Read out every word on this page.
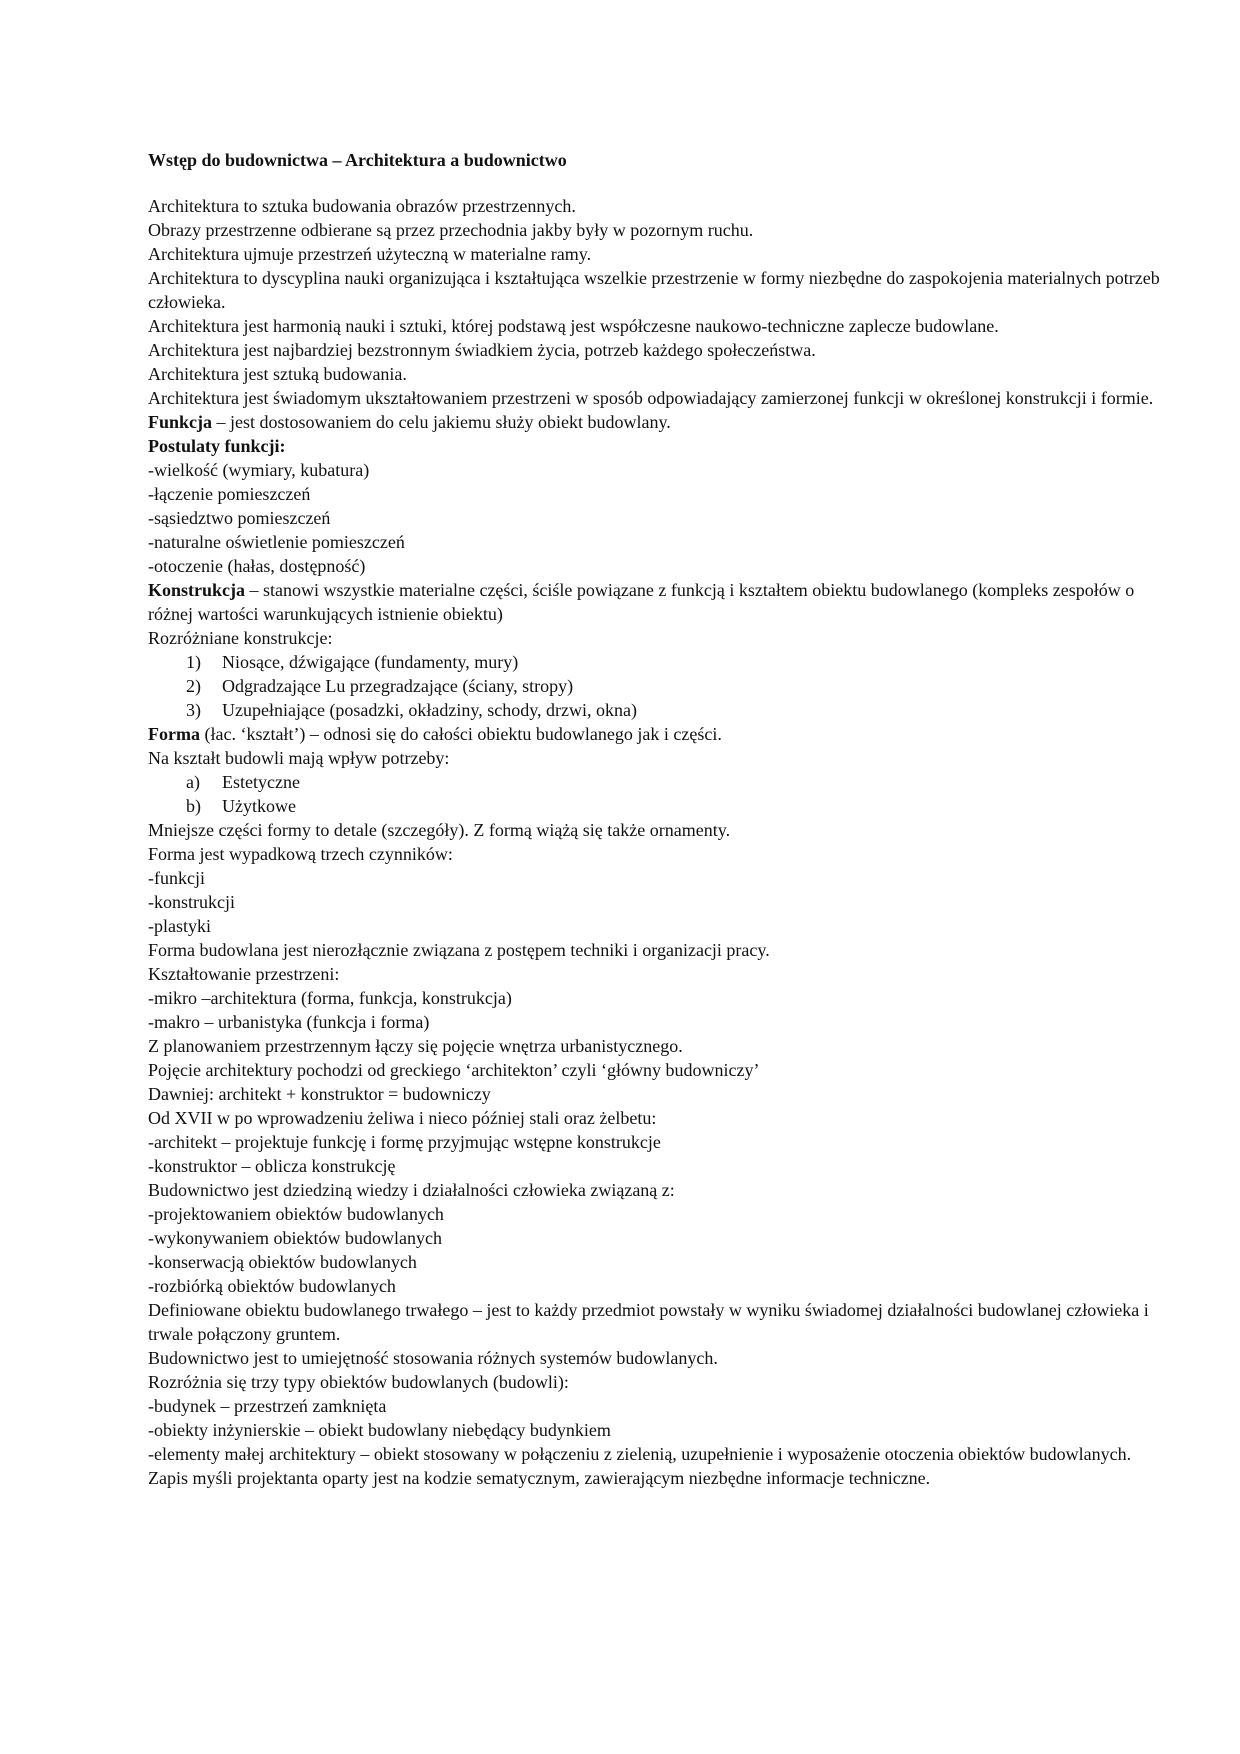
Wstęp do budownictwa – Architektura a budownictwo
Architektura to sztuka budowania obrazów przestrzennych.
Obrazy przestrzenne odbierane są przez przechodnia jakby były w pozornym ruchu.
Architektura ujmuje przestrzeń użyteczną w materialne ramy.
Architektura to dyscyplina nauki organizująca i kształtująca wszelkie przestrzenie w formy niezbędne do zaspokojenia materialnych potrzeb człowieka.
Architektura jest harmonią nauki i sztuki, której podstawą jest współczesne naukowo-techniczne zaplecze budowlane.
Architektura jest najbardziej bezstronnym świadkiem życia, potrzeb każdego społeczeństwa.
Architektura jest sztuką budowania.
Architektura jest świadomym ukształtowaniem przestrzeni w sposób odpowiadający zamierzonej funkcji w określonej konstrukcji i formie.
Funkcja – jest dostosowaniem do celu jakiemu służy obiekt budowlany.
Postulaty funkcji:
-wielkość (wymiary, kubatura)
-łączenie pomieszczeń
-sąsiedztwo pomieszczeń
-naturalne oświetlenie pomieszczeń
-otoczenie (hałas, dostępność)
Konstrukcja – stanowi wszystkie materialne części, ściśle powiązane z funkcją i kształtem obiektu budowlanego (kompleks zespołów o różnej wartości warunkujących istnienie obiektu)
Rozróżniane konstrukcje:
1)	Niosące, dźwigające (fundamenty, mury)
2)	Odgradzające Lu przegradzające (ściany, stropy)
3)	Uzupełniające (posadzki, okładziny, schody, drzwi, okna)
Forma (łac. ‘kształt’) – odnosi się do całości obiektu budowlanego jak i części.
Na kształt budowli mają wpływ potrzeby:
a)	Estetyczne
b)	Użytkowe
Mniejsze części formy to detale (szczegóły). Z formą wiążą się także ornamenty.
Forma jest wypadkową trzech czynników:
-funkcji
-konstrukcji
-plastyki
Forma budowlana jest nierozłącznie związana z postępem techniki i organizacji pracy.
Kształtowanie przestrzeni:
-mikro –architektura (forma, funkcja, konstrukcja)
-makro – urbanistyka (funkcja i forma)
Z planowaniem przestrzennym łączy się pojęcie wnętrza urbanistycznego.
Pojęcie architektury pochodzi od greckiego ‘architekton’ czyli ‘główny budowniczy’
Dawniej: architekt + konstruktor = budowniczy
Od XVII w po wprowadzeniu żeliwa i nieco później stali oraz żelbetu:
-architekt – projektuje funkcję i formę przyjmując wstępne konstrukcje
-konstruktor – oblicza konstrukcję
Budownictwo jest dziedziną wiedzy i działalności człowieka związaną z:
-projektowaniem obiektów budowlanych
-wykonywaniem obiektów budowlanych
-konserwacją obiektów budowlanych
-rozbiórką obiektów budowlanych
Definiowane obiektu budowlanego trwałego – jest to każdy przedmiot powstały w wyniku świadomej działalności budowlanej człowieka i trwale połączony gruntem.
Budownictwo jest to umiejętność stosowania różnych systemów budowlanych.
Rozróżnia się trzy typy obiektów budowlanych (budowli):
-budynek – przestrzeń zamknięta
-obiekty inżynierskie – obiekt budowlany niebędący budynkiem
-elementy małej architektury – obiekt stosowany w połączeniu z zielenią, uzupełnienie i wyposażenie otoczenia obiektów budowlanych.
Zapis myśli projektanta oparty jest na kodzie sematycznym, zawierającym niezbędne informacje techniczne.
